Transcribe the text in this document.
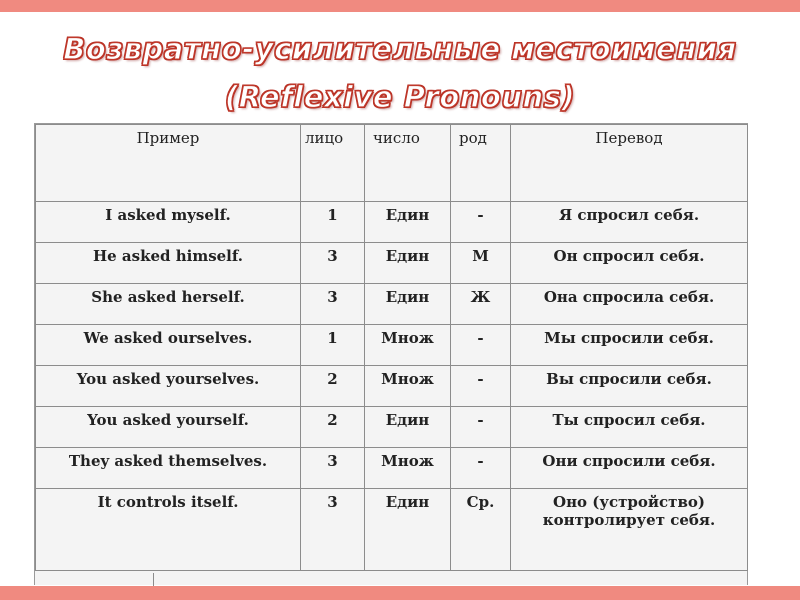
Возвратно-усилительные местоимения
(Reflexive Pronouns)
Пример	лицо	число	род	Перевод
I asked myself.	1	Един	-	Я спросил себя.
He asked himself.	3	Един	М	Он спросил себя.
She asked herself.	3	Един	Ж	Она спросила себя.
We asked ourselves.	1	Множ	-	Мы спросили себя.
You asked yourselves.	2	Множ	-	Вы спросили себя.
You asked yourself.	2	Един	-	Ты спросил себя.
They asked themselves.	3	Множ	-	Они спросили себя.
It controls itself.	3	Един	Ср.	Оно (устройство) контролирует себя.
